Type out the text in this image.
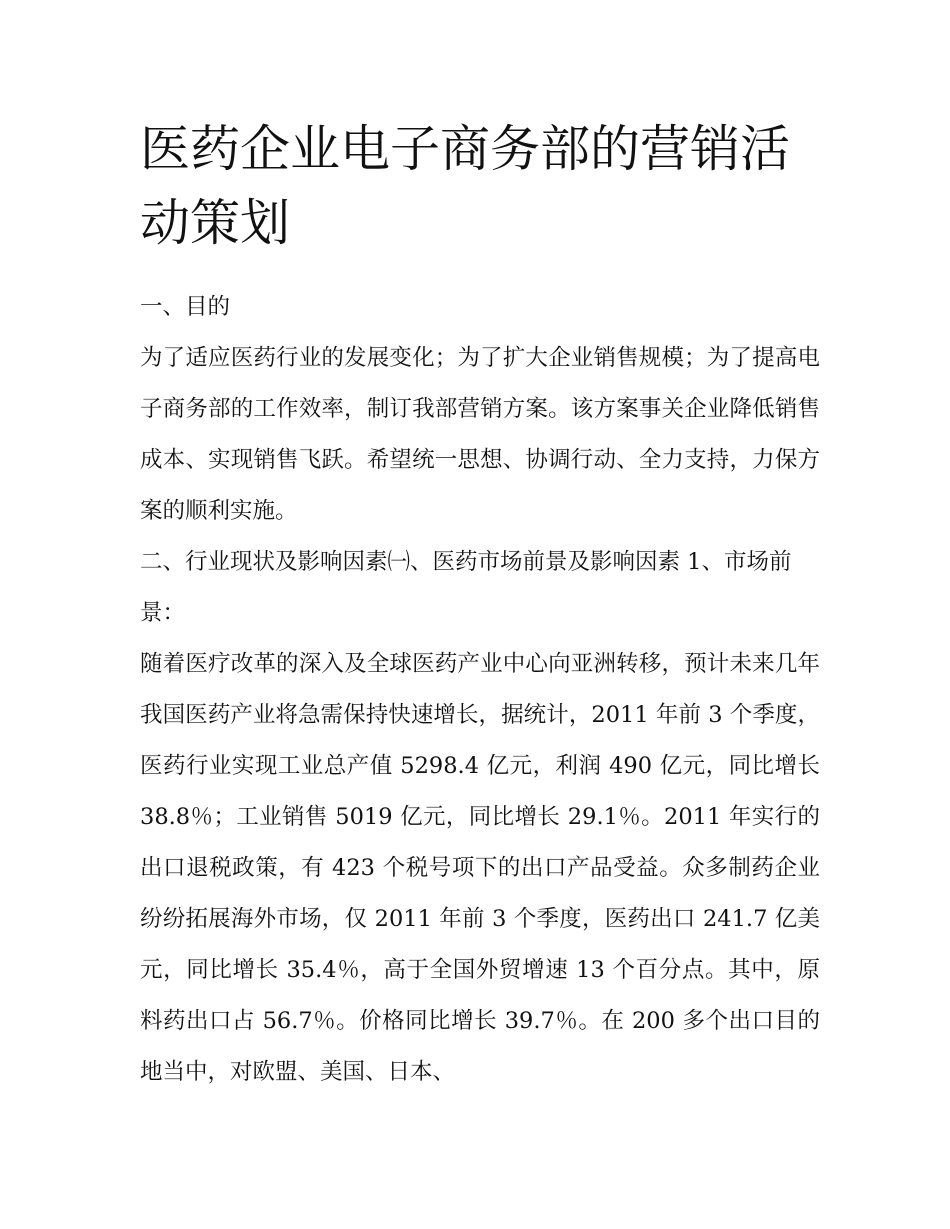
医药企业电子商务部的营销活动策划

一、目的

为了适应医药行业的发展变化；为了扩大企业销售规模；为了提高电子商务部的工作效率，制订我部营销方案。该方案事关企业降低销售成本、实现销售飞跃。希望统一思想、协调行动、全力支持，力保方案的顺利实施。

二、行业现状及影响因素㈠、医药市场前景及影响因素 1、市场前景：

随着医疗改革的深入及全球医药产业中心向亚洲转移，预计未来几年我国医药产业将急需保持快速增长，据统计，2011 年前 3 个季度，医药行业实现工业总产值 5298.4 亿元，利润 490 亿元，同比增长 38.8％；工业销售 5019 亿元，同比增长 29.1％。2011 年实行的出口退税政策，有 423 个税号项下的出口产品受益。众多制药企业纷纷拓展海外市场，仅 2011 年前 3 个季度，医药出口 241.7 亿美元，同比增长 35.4％，高于全国外贸增速 13 个百分点。其中，原料药出口占 56.7％。价格同比增长 39.7％。在 200 多个出口目的地当中，对欧盟、美国、日本、
